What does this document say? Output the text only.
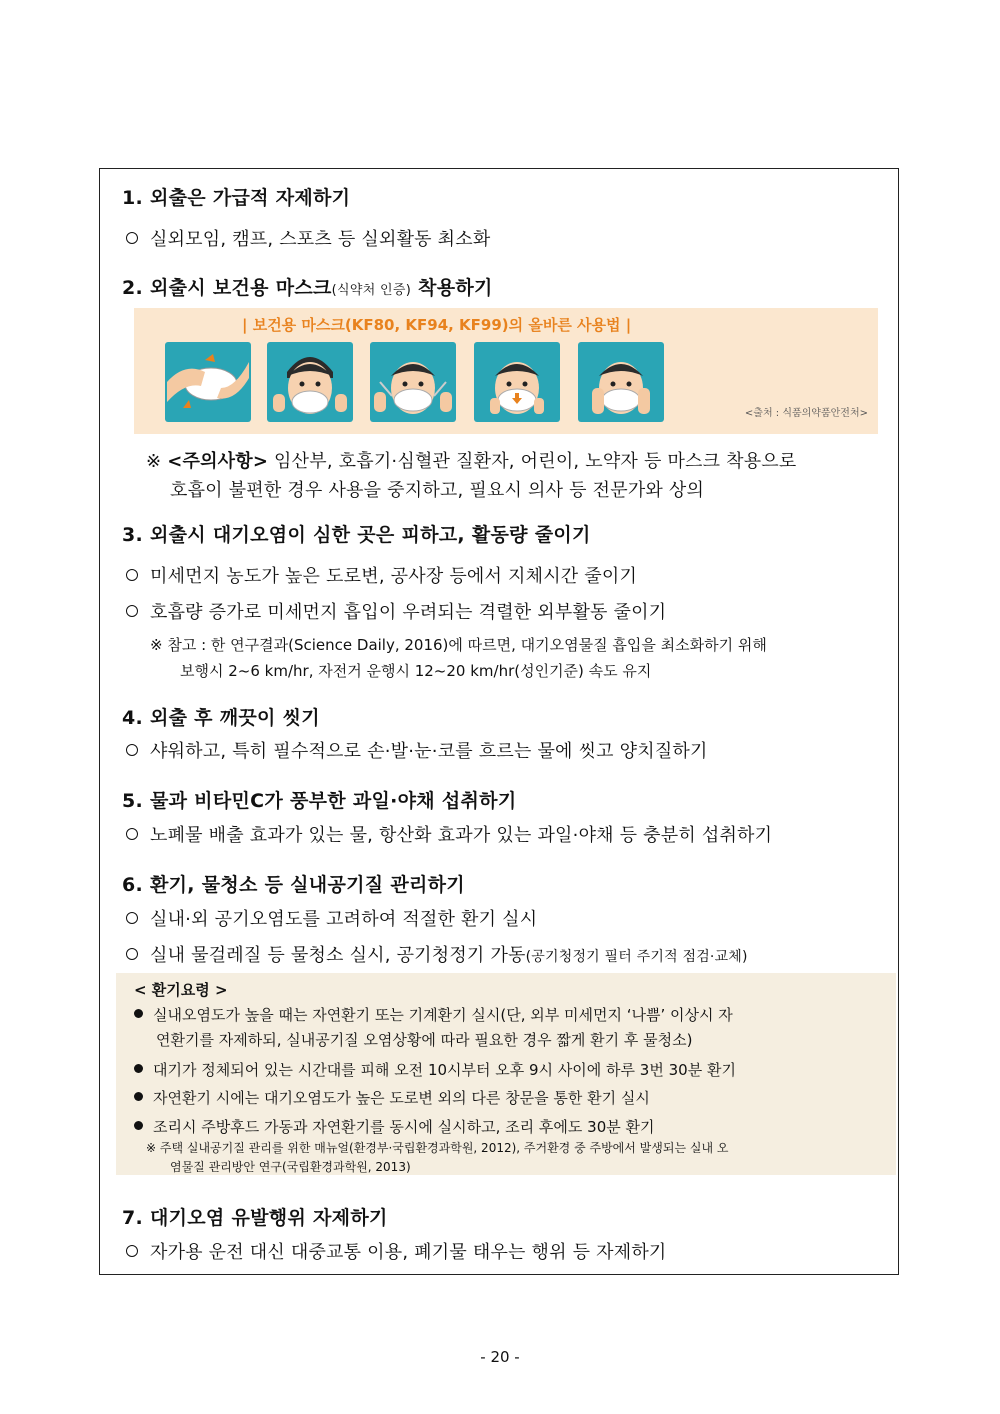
1. 외출은 가급적 자제하기
실외모임, 캠프, 스포츠 등 실외활동 최소화
2. 외출시 보건용 마스크(식약처 인증) 착용하기
| 보건용 마스크(KF80, KF94, KF99)의 올바른 사용법 |
<출처 : 식품의약품안전처>
※ <주의사항> 임산부, 호흡기·심혈관 질환자, 어린이, 노약자 등 마스크 착용으로
호흡이 불편한 경우 사용을 중지하고, 필요시 의사 등 전문가와 상의
3. 외출시 대기오염이 심한 곳은 피하고, 활동량 줄이기
미세먼지 농도가 높은 도로변, 공사장 등에서 지체시간 줄이기
호흡량 증가로 미세먼지 흡입이 우려되는 격렬한 외부활동 줄이기
※ 참고 : 한 연구결과(Science Daily, 2016)에 따르면, 대기오염물질 흡입을 최소화하기 위해
보행시 2~6 km/hr, 자전거 운행시 12~20 km/hr(성인기준) 속도 유지
4. 외출 후 깨끗이 씻기
샤워하고, 특히 필수적으로 손·발·눈·코를 흐르는 물에 씻고 양치질하기
5. 물과 비타민C가 풍부한 과일·야채 섭취하기
노폐물 배출 효과가 있는 물, 항산화 효과가 있는 과일·야채 등 충분히 섭취하기
6. 환기, 물청소 등 실내공기질 관리하기
실내·외 공기오염도를 고려하여 적절한 환기 실시
실내 물걸레질 등 물청소 실시, 공기청정기 가동(공기청정기 필터 주기적 점검·교체)
< 환기요령 >
실내오염도가 높을 때는 자연환기 또는 기계환기 실시(단, 외부 미세먼지 ‘나쁨’ 이상시 자
연환기를 자제하되, 실내공기질 오염상황에 따라 필요한 경우 짧게 환기 후 물청소)
대기가 정체되어 있는 시간대를 피해 오전 10시부터 오후 9시 사이에 하루 3번 30분 환기
자연환기 시에는 대기오염도가 높은 도로변 외의 다른 창문을 통한 환기 실시
조리시 주방후드 가동과 자연환기를 동시에 실시하고, 조리 후에도 30분 환기
※ 주택 실내공기질 관리를 위한 매뉴얼(환경부·국립환경과학원, 2012), 주거환경 중 주방에서 발생되는 실내 오
염물질 관리방안 연구(국립환경과학원, 2013)
7. 대기오염 유발행위 자제하기
자가용 운전 대신 대중교통 이용, 폐기물 태우는 행위 등 자제하기
- 20 -
